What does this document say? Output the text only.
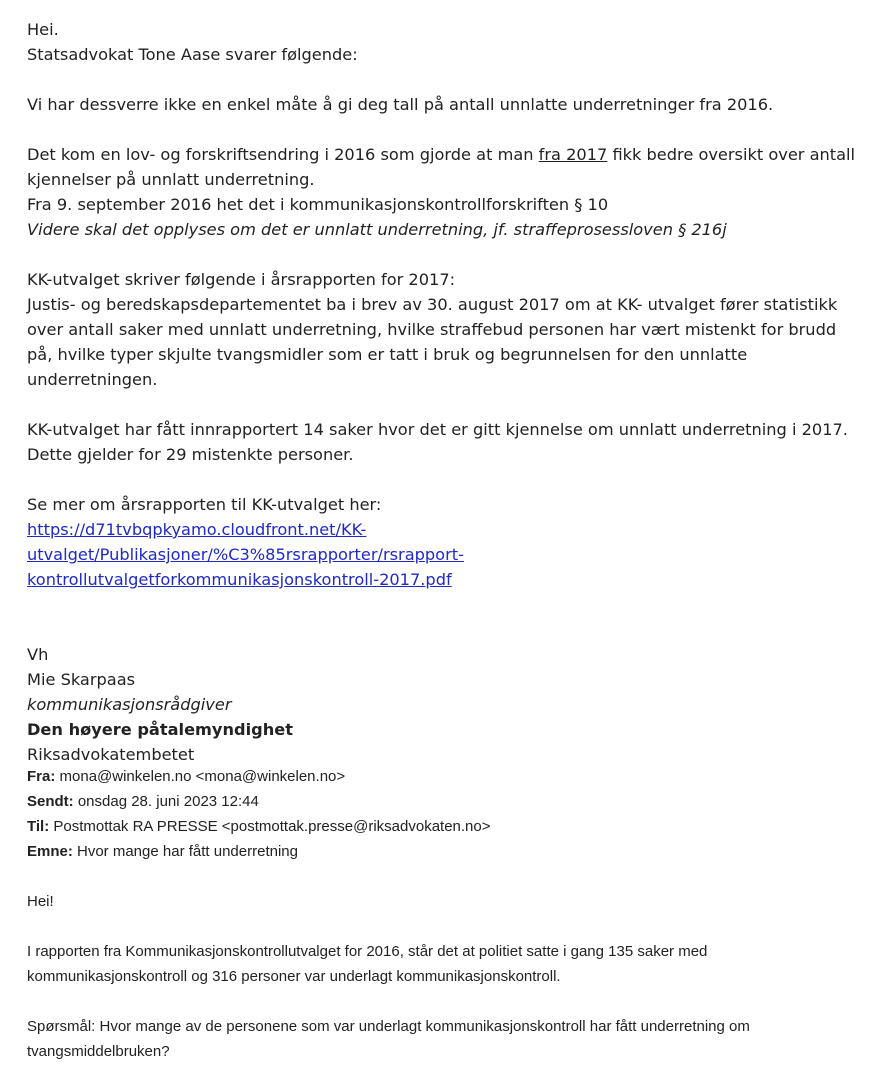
Hei.

Statsadvokat Tone Aase svarer følgende:

Vi har dessverre ikke en enkel måte å gi deg tall på antall unnlatte underretninger fra 2016.

Det kom en lov- og forskriftsendring i 2016 som gjorde at man fra 2017 fikk bedre oversikt over antall kjennelser på unnlatt underretning.

Fra 9. september 2016 het det i kommunikasjonskontrollforskriften § 10

Videre skal det opplyses om det er unnlatt underretning, jf. straffeprosessloven § 216j

KK-utvalget skriver følgende i årsrapporten for 2017:

Justis- og beredskapsdepartementet ba i brev av 30. august 2017 om at KK- utvalget fører statistikk over antall saker med unnlatt underretning, hvilke straffebud personen har vært mistenkt for brudd på, hvilke typer skjulte tvangsmidler som er tatt i bruk og begrunnelsen for den unnlatte underretningen.

KK-utvalget har fått innrapportert 14 saker hvor det er gitt kjennelse om unnlatt underretning i 2017. Dette gjelder for 29 mistenkte personer.

Se mer om årsrapporten til KK-utvalget her:

https://d71tvbqpkyamo.cloudfront.net/KK-
utvalget/Publikasjoner/%C3%85rsrapporter/rsrapport-
kontrollutvalgetforkommunikasjonskontroll-2017.pdf

Vh

Mie Skarpaas

kommunikasjonsrådgiver

Den høyere påtalemyndighet

Riksadvokatembetet

Fra: mona@winkelen.no <mona@winkelen.no>

Sendt: onsdag 28. juni 2023 12:44

Til: Postmottak RA PRESSE <postmottak.presse@riksadvokaten.no>

Emne: Hvor mange har fått underretning

Hei!

I rapporten fra Kommunikasjonskontrollutvalget for 2016, står det at politiet satte i gang 135 saker med kommunikasjonskontroll og 316 personer var underlagt kommunikasjonskontroll.

Spørsmål: Hvor mange av de personene som var underlagt kommunikasjonskontroll har fått underretning om tvangsmiddelbruken?
